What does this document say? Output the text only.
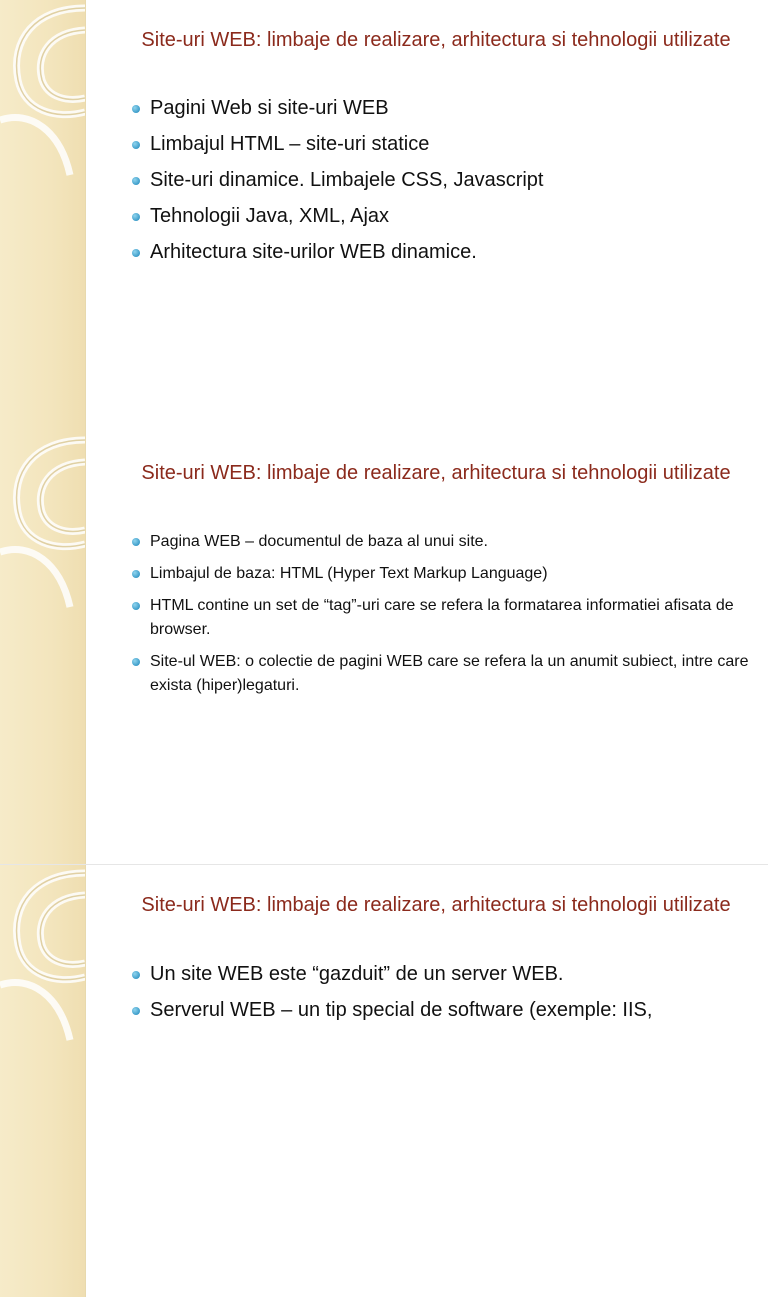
Site-uri WEB: limbaje de realizare, arhitectura si tehnologii utilizate
Pagini Web si site-uri WEB
Limbajul HTML – site-uri statice
Site-uri dinamice. Limbajele CSS, Javascript
Tehnologii Java, XML, Ajax
Arhitectura site-urilor WEB dinamice.
Site-uri WEB: limbaje de realizare, arhitectura si tehnologii utilizate
Pagina WEB – documentul de baza al unui site.
Limbajul de baza: HTML (Hyper Text Markup Language)
HTML contine un set de “tag”-uri care se refera la formatarea informatiei afisata de browser.
Site-ul WEB: o colectie de pagini WEB care se refera la un anumit subiect, intre care exista (hiper)legaturi.
Site-uri WEB: limbaje de realizare, arhitectura si tehnologii utilizate
Un site WEB este “gazduit” de un server WEB.
Serverul WEB – un tip special de software (exemple: IIS,
